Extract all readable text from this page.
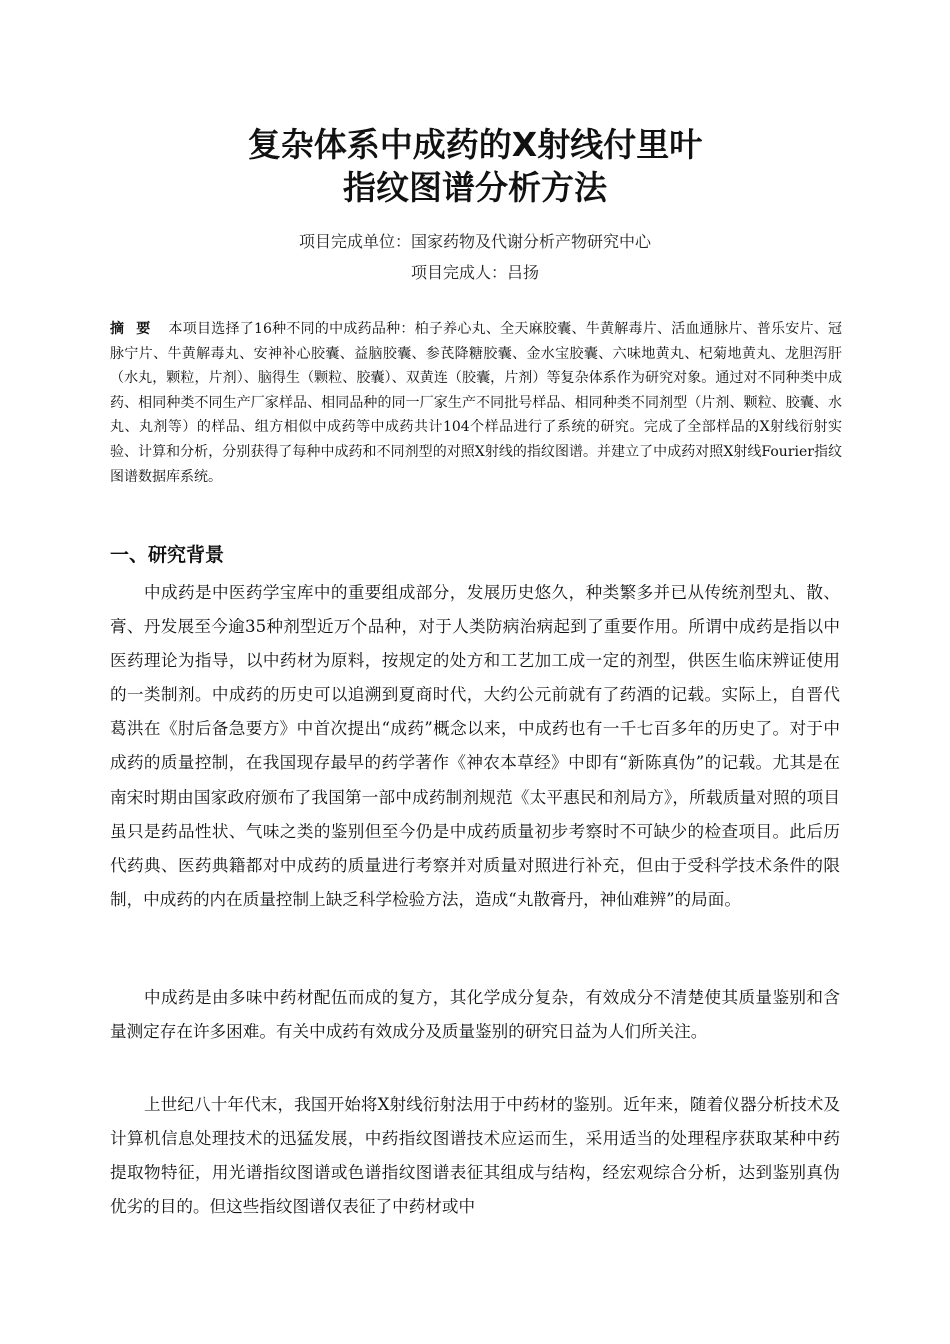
复杂体系中成药的X射线付里叶
指纹图谱分析方法
项目完成单位：国家药物及代谢分析产物研究中心
项目完成人：吕扬
摘要 本项目选择了16种不同的中成药品种：柏子养心丸、全天麻胶囊、牛黄解毒片、活血通脉片、普乐安片、冠脉宁片、牛黄解毒丸、安神补心胶囊、益脑胶囊、参芪降糖胶囊、金水宝胶囊、六味地黄丸、杞菊地黄丸、龙胆泻肝（水丸，颗粒，片剂）、脑得生（颗粒、胶囊）、双黄连（胶囊，片剂）等复杂体系作为研究对象。通过对不同种类中成药、相同种类不同生产厂家样品、相同品种的同一厂家生产不同批号样品、相同种类不同剂型（片剂、颗粒、胶囊、水丸、丸剂等）的样品、组方相似中成药等中成药共计104个样品进行了系统的研究。完成了全部样品的X射线衍射实验、计算和分析，分别获得了每种中成药和不同剂型的对照X射线的指纹图谱。并建立了中成药对照X射线Fourier指纹图谱数据库系统。
一、研究背景
中成药是中医药学宝库中的重要组成部分，发展历史悠久，种类繁多并已从传统剂型丸、散、膏、丹发展至今逾35种剂型近万个品种，对于人类防病治病起到了重要作用。所谓中成药是指以中医药理论为指导，以中药材为原料，按规定的处方和工艺加工成一定的剂型，供医生临床辨证使用的一类制剂。中成药的历史可以追溯到夏商时代，大约公元前就有了药酒的记载。实际上，自晋代葛洪在《肘后备急要方》中首次提出“成药”概念以来，中成药也有一千七百多年的历史了。对于中成药的质量控制，在我国现存最早的药学著作《神农本草经》中即有“新陈真伪”的记载。尤其是在南宋时期由国家政府颁布了我国第一部中成药制剂规范《太平惠民和剂局方》，所载质量对照的项目虽只是药品性状、气味之类的鉴别但至今仍是中成药质量初步考察时不可缺少的检查项目。此后历代药典、医药典籍都对中成药的质量进行考察并对质量对照进行补充，但由于受科学技术条件的限制，中成药的内在质量控制上缺乏科学检验方法，造成“丸散膏丹，神仙难辨”的局面。
中成药是由多味中药材配伍而成的复方，其化学成分复杂，有效成分不清楚使其质量鉴别和含量测定存在许多困难。有关中成药有效成分及质量鉴别的研究日益为人们所关注。
上世纪八十年代末，我国开始将X射线衍射法用于中药材的鉴别。近年来，随着仪器分析技术及计算机信息处理技术的迅猛发展，中药指纹图谱技术应运而生，采用适当的处理程序获取某种中药提取物特征，用光谱指纹图谱或色谱指纹图谱表征其组成与结构，经宏观综合分析，达到鉴别真伪优劣的目的。但这些指纹图谱仅表征了中药材或中
